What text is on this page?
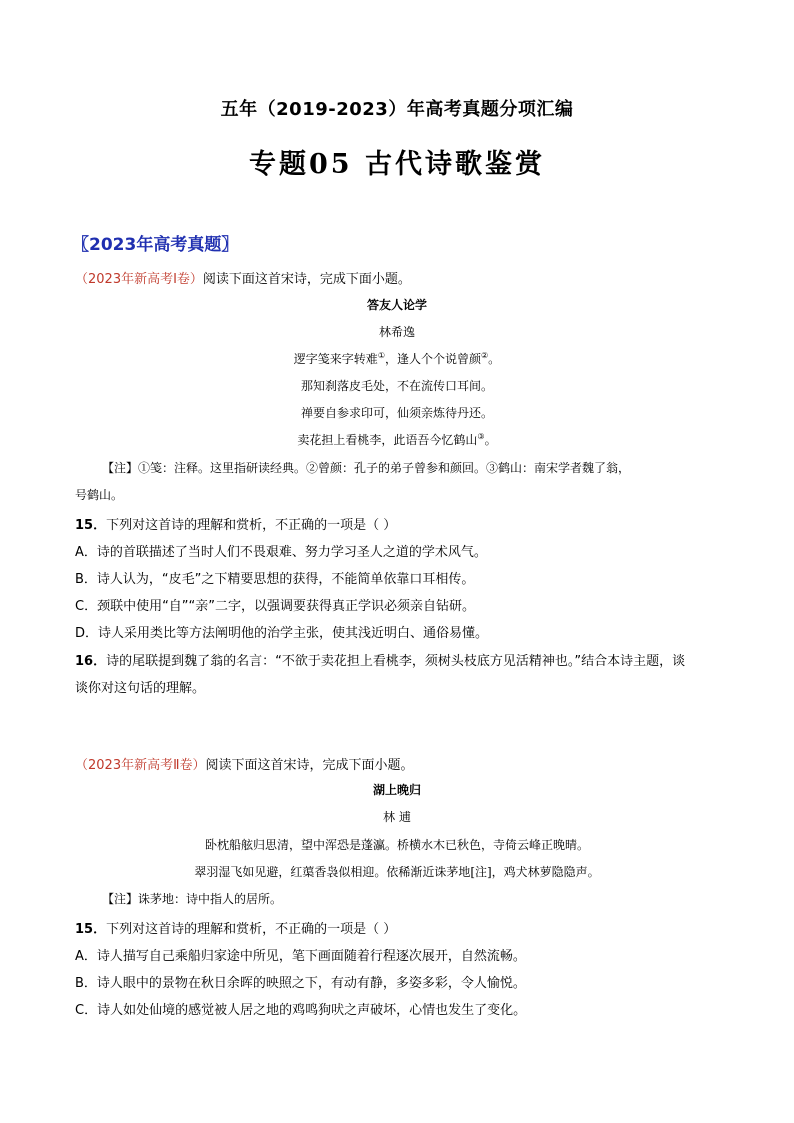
五年（2019-2023）年高考真题分项汇编
专题05 古代诗歌鉴赏
〖2023年高考真题〗
（2023年新高考Ⅰ卷）阅读下面这首宋诗，完成下面小题。
答友人论学
林希逸
逻字笺来字转难①，逢人个个说曾颜②。
那知刹落皮毛处，不在流传口耳间。
禅要自参求印可，仙须亲炼待丹还。
卖花担上看桃李，此语吾今忆鹤山③。
【注】①笺：注释。这里指研读经典。②曾颜：孔子的弟子曾参和颜回。③鹤山：南宋学者魏了翁，
号鹤山。
15．下列对这首诗的理解和赏析，不正确的一项是（ ）
A．诗的首联描述了当时人们不畏艰难、努力学习圣人之道的学术风气。
B．诗人认为，“皮毛”之下精要思想的获得，不能简单依靠口耳相传。
C．颈联中使用“自”“亲”二字，以强调要获得真正学识必须亲自钻研。
D．诗人采用类比等方法阐明他的治学主张，使其浅近明白、通俗易懂。
16．诗的尾联提到魏了翁的名言：“不欲于卖花担上看桃李，须树头枝底方见活精神也。”结合本诗主题，谈
谈你对这句话的理解。
（2023年新高考Ⅱ卷）阅读下面这首宋诗，完成下面小题。
湖上晚归
林 逋
卧枕船舷归思清，望中浑恐是蓬瀛。桥横水木已秋色，寺倚云峰正晚晴。
翠羽湿飞如见避，红蕖香袅似相迎。依稀渐近诛茅地[注]，鸡犬林萝隐隐声。
【注】诛茅地：诗中指人的居所。
15．下列对这首诗的理解和赏析，不正确的一项是（ ）
A．诗人描写自己乘船归家途中所见，笔下画面随着行程逐次展开，自然流畅。
B．诗人眼中的景物在秋日余晖的映照之下，有动有静，多姿多彩，令人愉悦。
C．诗人如处仙境的感觉被人居之地的鸡鸣狗吠之声破坏，心情也发生了变化。
